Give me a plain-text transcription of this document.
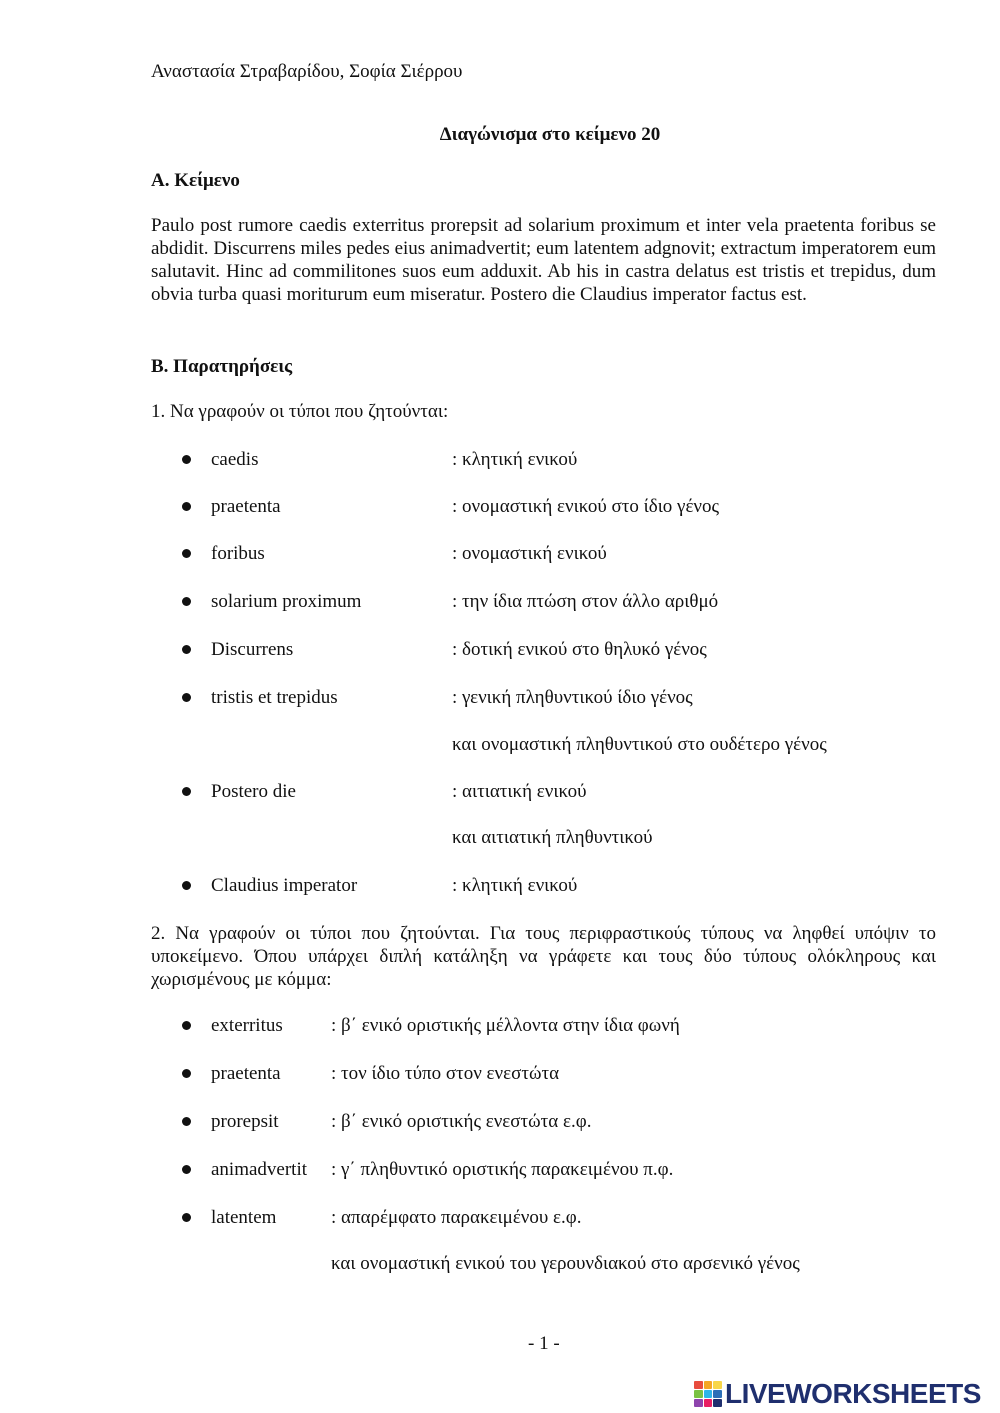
Αναστασία Στραβαρίδου, Σοφία Σιέρρου
Διαγώνισμα στο κείμενο 20
Α. Κείμενο
Paulo post rumore caedis exterritus prorepsit ad solarium proximum et inter vela praetenta foribus se abdidit. Discurrens miles pedes eius animadvertit; eum latentem adgnovit; extractum imperatorem eum salutavit. Hinc ad commilitones suos eum adduxit. Ab his in castra delatus est tristis et trepidus, dum obvia turba quasi moriturum eum miseratur. Postero die Claudius imperator factus est.
Β. Παρατηρήσεις
1. Να γραφούν οι τύποι που ζητούνται:
caedis	: κλητική ενικού
praetenta	: ονομαστική ενικού στο ίδιο γένος
foribus	: ονομαστική ενικού
solarium proximum	: την ίδια πτώση στον άλλο αριθμό
Discurrens	: δοτική ενικού στο θηλυκό γένος
tristis et trepidus	: γενική πληθυντικού ίδιο γένος
και ονομαστική πληθυντικού στο ουδέτερο γένος
Postero die	: αιτιατική ενικού
και αιτιατική πληθυντικού
Claudius imperator	: κλητική ενικού
2. Να γραφούν οι τύποι που ζητούνται. Για τους περιφραστικούς τύπους να ληφθεί υπόψιν το υποκείμενο. Όπου υπάρχει διπλή κατάληξη να γράφετε και τους δύο τύπους ολόκληρους και χωρισμένους με κόμμα:
exterritus	: β΄ ενικό οριστικής μέλλοντα στην ίδια φωνή
praetenta	: τον ίδιο τύπο στον ενεστώτα
prorepsit	: β΄ ενικό οριστικής ενεστώτα ε.φ.
animadvertit : γ΄ πληθυντικό οριστικής παρακειμένου π.φ.
latentem	: απαρέμφατο παρακειμένου ε.φ.
και ονομαστική ενικού του γερουνδιακού στο αρσενικό γένος
- 1 -
LIVEWORKSHEETS
